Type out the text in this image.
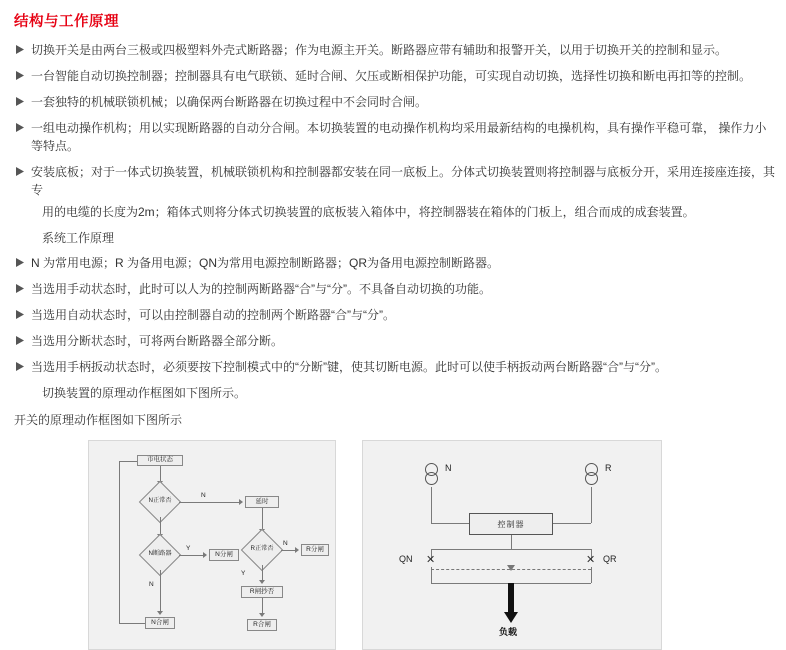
结构与工作原理
切换开关是由两台三极或四极塑料外壳式断路器；作为电源主开关。断路器应带有辅助和报警开关，以用于切换开关的控制和显示。
一台智能自动切换控制器；控制器具有电气联锁、延时合闸、欠压或断相保护功能，可实现自动切换，选择性切换和断电再扣等的控制。
一套独特的机械联锁机械；以确保两台断路器在切换过程中不会同时合闸。
一组电动操作机构；用以实现断路器的自动分合闸。本切换装置的电动操作机构均采用最新结构的电操机构，具有操作平稳可靠， 操作力小等特点。
安装底板；对于一体式切换装置，机械联锁机构和控制器都安装在同一底板上。分体式切换装置则将控制器与底板分开，采用连接座连接，其专
用的电缆的长度为2m；箱体式则将分体式切换装置的底板装入箱体中，将控制器装在箱体的门板上，组合而成的成套装置。
系统工作原理
N 为常用电源；R 为备用电源；QN为常用电源控制断路器；QR为备用电源控制断路器。
当选用手动状态时，此时可以人为的控制两断路器“合”与“分”。不具备自动切换的功能。
当选用自动状态时，可以由控制器自动的控制两个断路器“合”与“分”。
当选用分断状态时，可将两台断路器全部分断。
当选用手柄扳动状态时，必须要按下控制模式中的“分断”键，使其切断电源。此时可以使手柄扳动两台断路器“合”与“分”。
切换装置的原理动作框图如下图所示。
开关的原理动作框图如下图所示
市电状态
N正常否
N
延时
N断路器
Y
N分闸
R正常否
N
R分闸
R闸抄否
R合闸
N
N合闸
Y
N	R
控制器
✕	✕
QN	QR
负载
